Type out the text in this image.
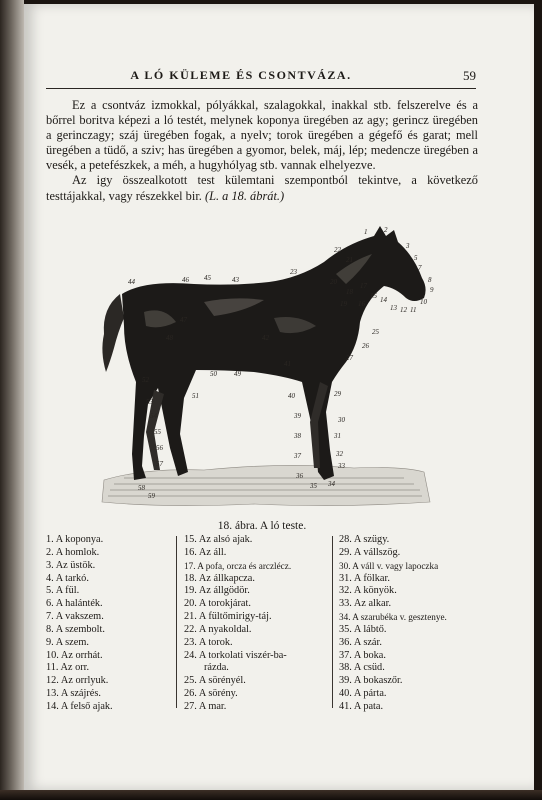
A LÓ KÜLEME ÉS CSONTVÁZA.	59

Ez a csontváz izmokkal, pólyákkal, szalagokkal, inakkal stb. felszerelve és a bőrrel boritva képezi a ló testét, melynek koponya üregében az agy; gerincz üregében a gerinczagy; száj üregében fogak, a nyelv; torok üregében a gégefő és garat; mell üregében a tüdő, a sziv; has üregében a gyomor, belek, máj, lép; medencze üregében a vesék, a petefészkek, a méh, a hugyhólyag stb. vannak elhelyezve.

Az igy összealkotott test külemtani szempontból tekintve, a következő testtájakkal, vagy részekkel bir. (L. a 18. ábrát.)

1 2
3
5
7
8
9
10
11
12
13
14
15
16
17
18
19
20
21
22
23
25
26
27
29
30
31
32
33
34
35
36
37
38
39
40
41
42
43
44	45
46
47
48
49
50
51
52
53
54
55
56
57
58
59
18. ábra. A ló teste.
1. A koponya.
2. A homlok.
3. Az üstök.
4. A tarkó.
5. A fül.
6. A halánték.
7. A vakszem.
8. A szembolt.
9. A szem.
10. Az orrhát.
11. Az orr.
12. Az orrlyuk.
13. A szájrés.
14. A felső ajak.
15. Az alsó ajak.
16. Az áll.
17. A pofa, orcza és arczlécz.
18. Az állkapcza.
19. Az állgödör.
20. A torokjárat.
21. A fültőmirigy-táj.
22. A nyakoldal.
23. A torok.
24. A torkolati viszér-ba-
rázda.
25. A sörényél.
26. A sörény.
27. A mar.
28. A szügy.
29. A vállszög.
30. A váll v. vagy lapoczka
31. A fölkar.
32. A könyök.
33. Az alkar.
34. A szarubéka v. gesztenye.
35. A lábtő.
36. A szár.
37. A boka.
38. A csüd.
39. A bokaszőr.
40. A párta.
41. A pata.
